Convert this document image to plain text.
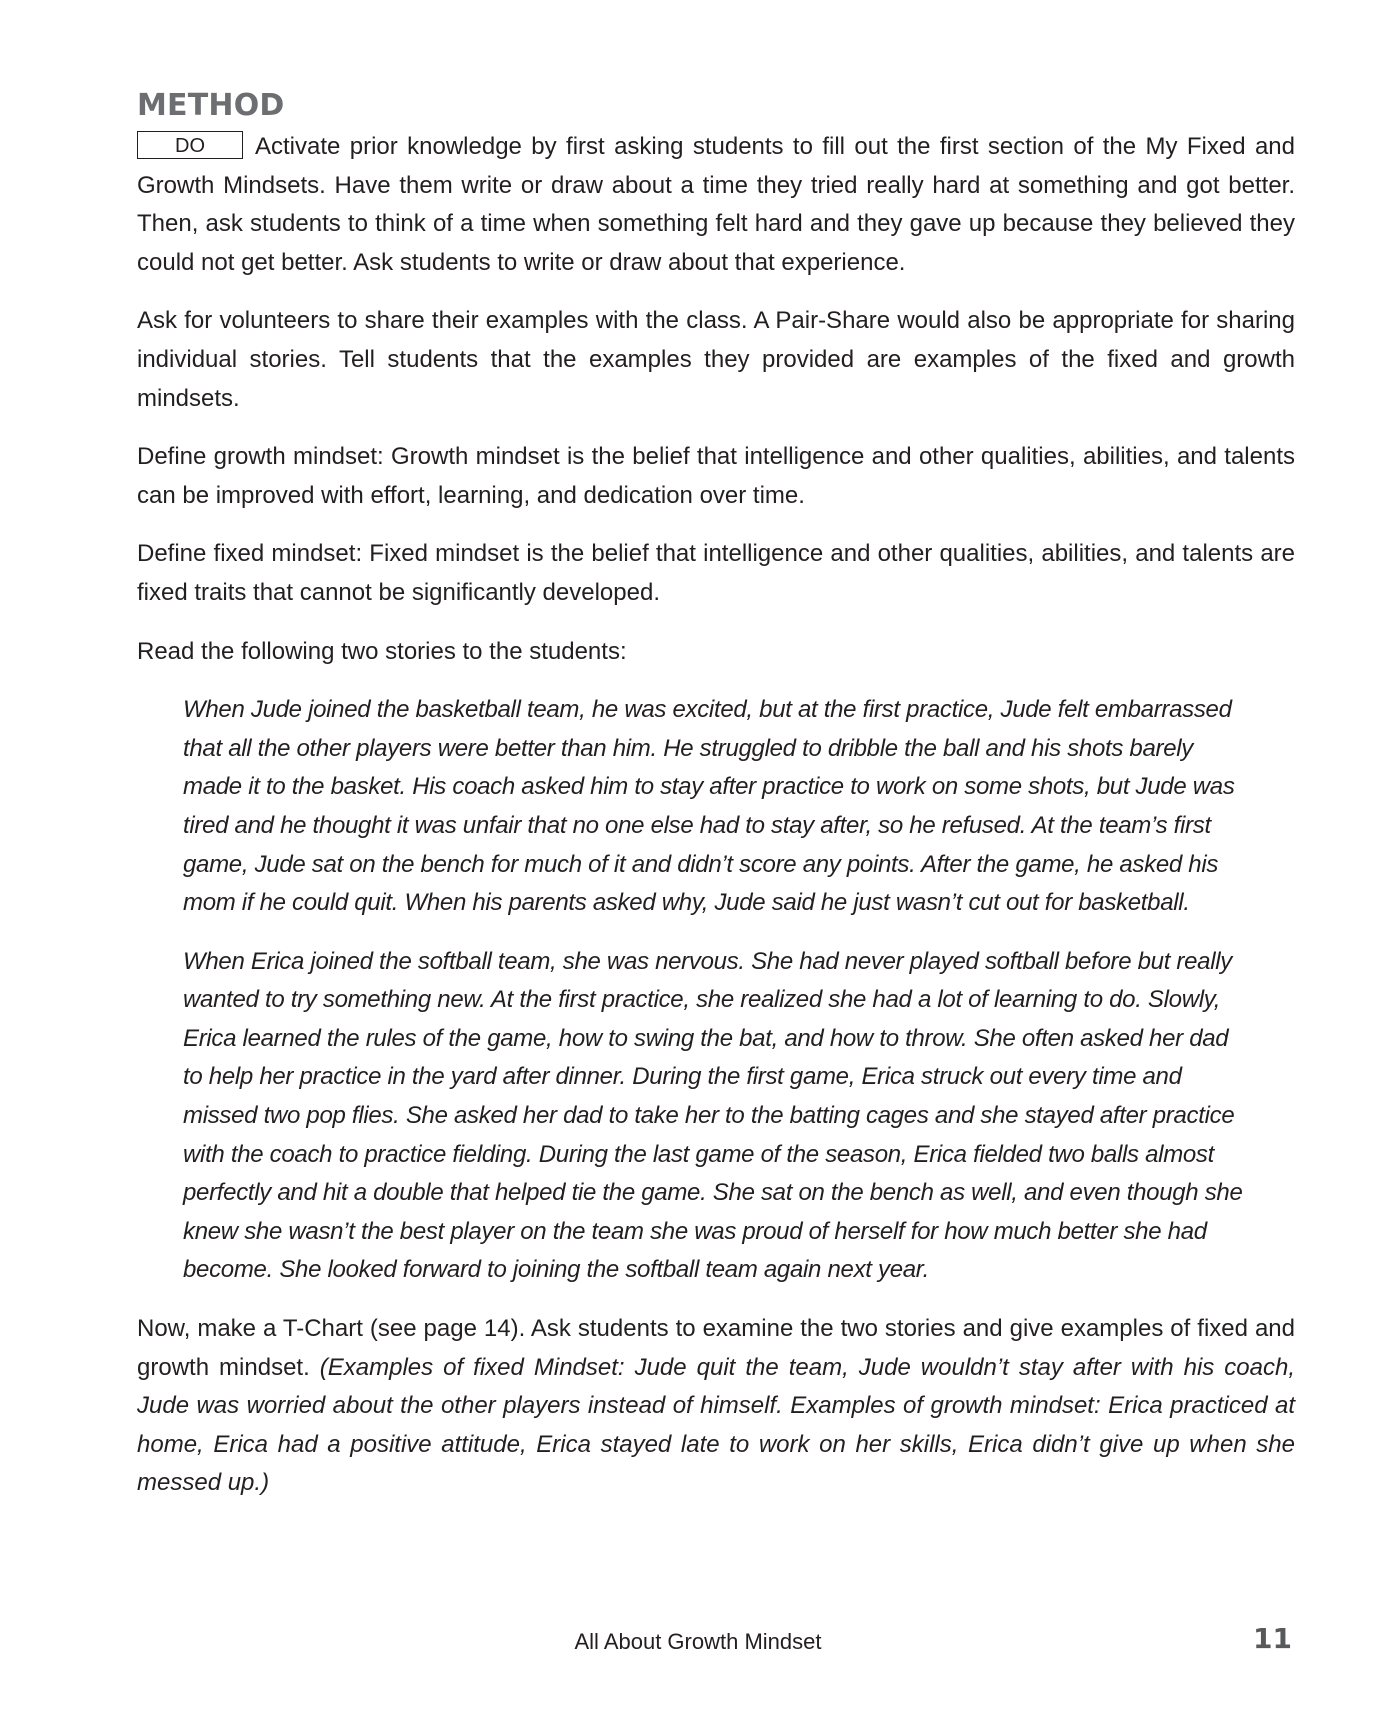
METHOD

DO Activate prior knowledge by first asking students to fill out the first section of the My Fixed and Growth Mindsets. Have them write or draw about a time they tried really hard at something and got better. Then, ask students to think of a time when something felt hard and they gave up because they believed they could not get better. Ask students to write or draw about that experience.

Ask for volunteers to share their examples with the class. A Pair-Share would also be appropriate for sharing individual stories. Tell students that the examples they provided are examples of the fixed and growth mindsets.

Define growth mindset: Growth mindset is the belief that intelligence and other qualities, abilities, and talents can be improved with effort, learning, and dedication over time.

Define fixed mindset: Fixed mindset is the belief that intelligence and other qualities, abilities, and talents are fixed traits that cannot be significantly developed.

Read the following two stories to the students:

When Jude joined the basketball team, he was excited, but at the first practice, Jude felt embarrassed that all the other players were better than him. He struggled to dribble the ball and his shots barely made it to the basket. His coach asked him to stay after practice to work on some shots, but Jude was tired and he thought it was unfair that no one else had to stay after, so he refused. At the team’s first game, Jude sat on the bench for much of it and didn’t score any points. After the game, he asked his mom if he could quit. When his parents asked why, Jude said he just wasn’t cut out for basketball.

When Erica joined the softball team, she was nervous. She had never played softball before but really wanted to try something new. At the first practice, she realized she had a lot of learning to do. Slowly, Erica learned the rules of the game, how to swing the bat, and how to throw. She often asked her dad to help her practice in the yard after dinner. During the first game, Erica struck out every time and missed two pop flies. She asked her dad to take her to the batting cages and she stayed after practice with the coach to practice fielding. During the last game of the season, Erica fielded two balls almost perfectly and hit a double that helped tie the game. She sat on the bench as well, and even though she knew she wasn’t the best player on the team she was proud of herself for how much better she had become. She looked forward to joining the softball team again next year.

Now, make a T-Chart (see page 14). Ask students to examine the two stories and give examples of fixed and growth mindset. (Examples of fixed Mindset: Jude quit the team, Jude wouldn’t stay after with his coach, Jude was worried about the other players instead of himself. Examples of growth mindset: Erica practiced at home, Erica had a positive attitude, Erica stayed late to work on her skills, Erica didn’t give up when she messed up.)

All About Growth Mindset	11
